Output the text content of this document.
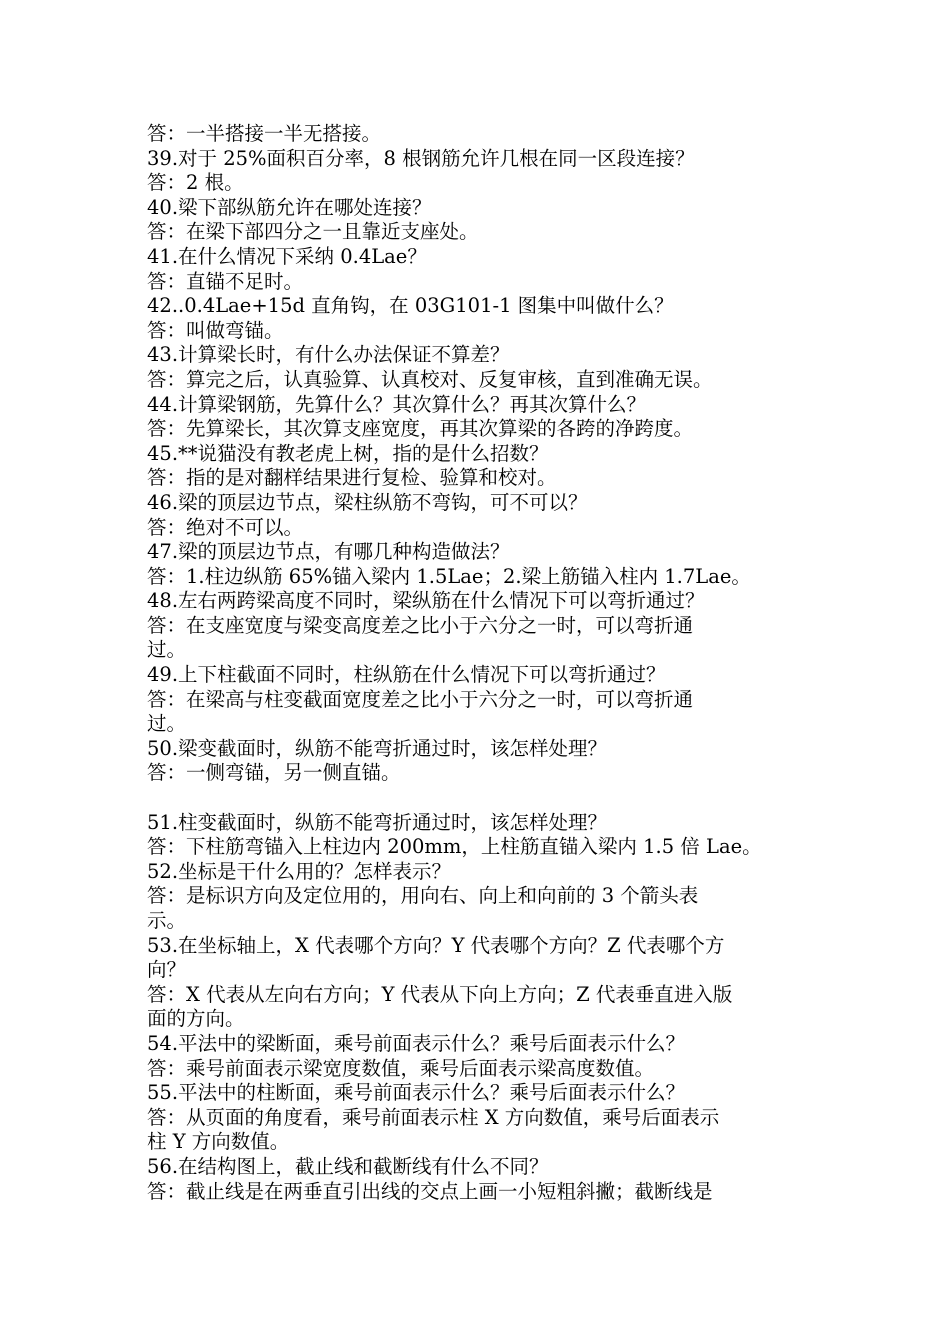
答：一半搭接一半无搭接。
39.对于 25%面积百分率，8 根钢筋允许几根在同一区段连接？
答：2 根。
40.梁下部纵筋允许在哪处连接？
答：在梁下部四分之一且靠近支座处。
41.在什么情况下采纳 0.4Lae？
答：直锚不足时。
42..0.4Lae+15d 直角钩，在 03G101-1 图集中叫做什么？
答：叫做弯锚。
43.计算梁长时，有什么办法保证不算差？
答：算完之后，认真验算、认真校对、反复审核，直到准确无误。
44.计算梁钢筋，先算什么？其次算什么？再其次算什么？
答：先算梁长，其次算支座宽度，再其次算梁的各跨的净跨度。
45.**说猫没有教老虎上树，指的是什么招数？
答：指的是对翻样结果进行复检、验算和校对。
46.梁的顶层边节点，梁柱纵筋不弯钩，可不可以？
答：绝对不可以。
47.梁的顶层边节点，有哪几种构造做法？
答：1.柱边纵筋 65%锚入梁内 1.5Lae；2.梁上筋锚入柱内 1.7Lae。
48.左右两跨梁高度不同时，梁纵筋在什么情况下可以弯折通过？
答：在支座宽度与梁变高度差之比小于六分之一时，可以弯折通
过。
49.上下柱截面不同时，柱纵筋在什么情况下可以弯折通过？
答：在梁高与柱变截面宽度差之比小于六分之一时，可以弯折通
过。
50.梁变截面时，纵筋不能弯折通过时，该怎样处理？
答：一侧弯锚，另一侧直锚。
51.柱变截面时，纵筋不能弯折通过时，该怎样处理？
答：下柱筋弯锚入上柱边内 200mm，上柱筋直锚入梁内 1.5 倍 Lae。
52.坐标是干什么用的？怎样表示？
答：是标识方向及定位用的，用向右、向上和向前的 3 个箭头表
示。
53.在坐标轴上，X 代表哪个方向？Y 代表哪个方向？Z 代表哪个方
向？
答：X 代表从左向右方向；Y 代表从下向上方向；Z 代表垂直进入版
面的方向。
54.平法中的梁断面，乘号前面表示什么？乘号后面表示什么？
答：乘号前面表示梁宽度数值，乘号后面表示梁高度数值。
55.平法中的柱断面，乘号前面表示什么？乘号后面表示什么？
答：从页面的角度看，乘号前面表示柱 X 方向数值，乘号后面表示
柱 Y 方向数值。
56.在结构图上，截止线和截断线有什么不同？
答：截止线是在两垂直引出线的交点上画一小短粗斜撇；截断线是
